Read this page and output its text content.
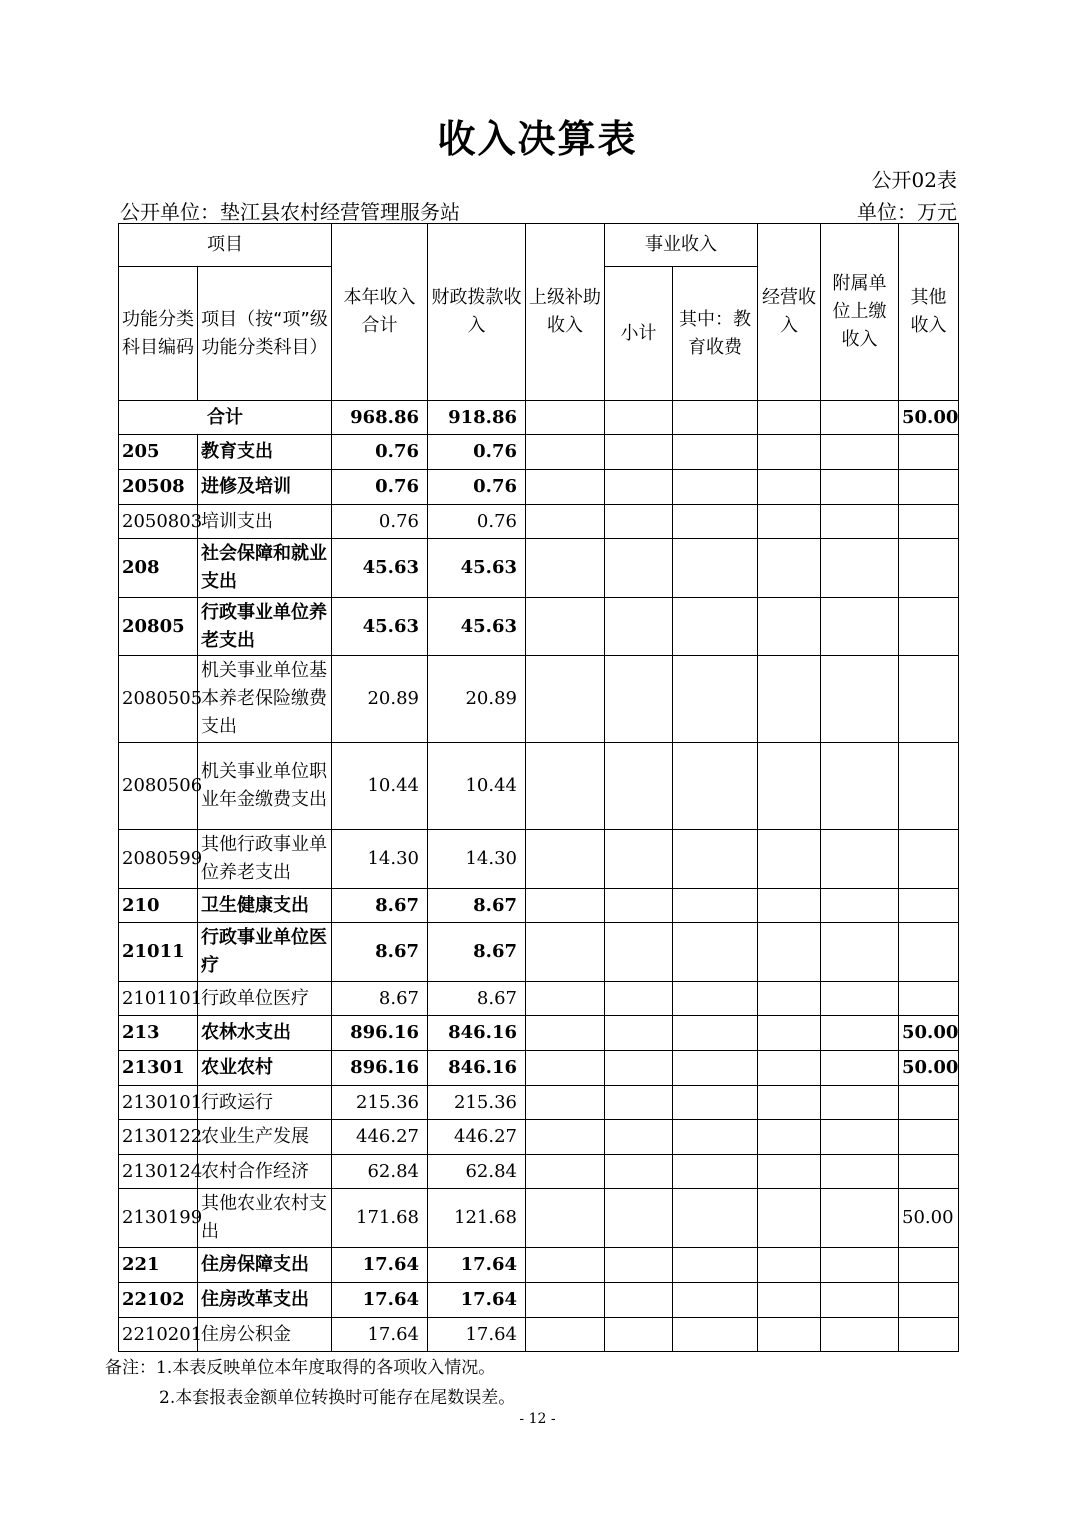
收入决算表
公开02表
公开单位：垫江县农村经营管理服务站	单位：万元
项目		本年收入合计	财政拨款收入	上级补助收入	事业收入		经营收入	附属单位上缴收入	其他收入
功能分类科目编码	项目（按“项”级功能分类科目）				小计	其中：教育收费			
合计		968.86	918.86						50.00
205	教育支出	0.76	0.76						
20508	进修及培训	0.76	0.76						
2050803	培训支出	0.76	0.76						
208	社会保障和就业支出	45.63	45.63						
20805	行政事业单位养老支出	45.63	45.63						
2080505	机关事业单位基本养老保险缴费支出	20.89	20.89						
2080506	机关事业单位职业年金缴费支出	10.44	10.44						
2080599	其他行政事业单位养老支出	14.30	14.30						
210	卫生健康支出	8.67	8.67						
21011	行政事业单位医疗	8.67	8.67						
2101101	行政单位医疗	8.67	8.67						
213	农林水支出	896.16	846.16						50.00
21301	农业农村	896.16	846.16						50.00
2130101	行政运行	215.36	215.36						
2130122	农业生产发展	446.27	446.27						
2130124	农村合作经济	62.84	62.84						
2130199	其他农业农村支出	171.68	121.68						50.00
221	住房保障支出	17.64	17.64						
22102	住房改革支出	17.64	17.64						
2210201	住房公积金	17.64	17.64						
备注：1.本表反映单位本年度取得的各项收入情况。
2.本套报表金额单位转换时可能存在尾数误差。
- 12 -
